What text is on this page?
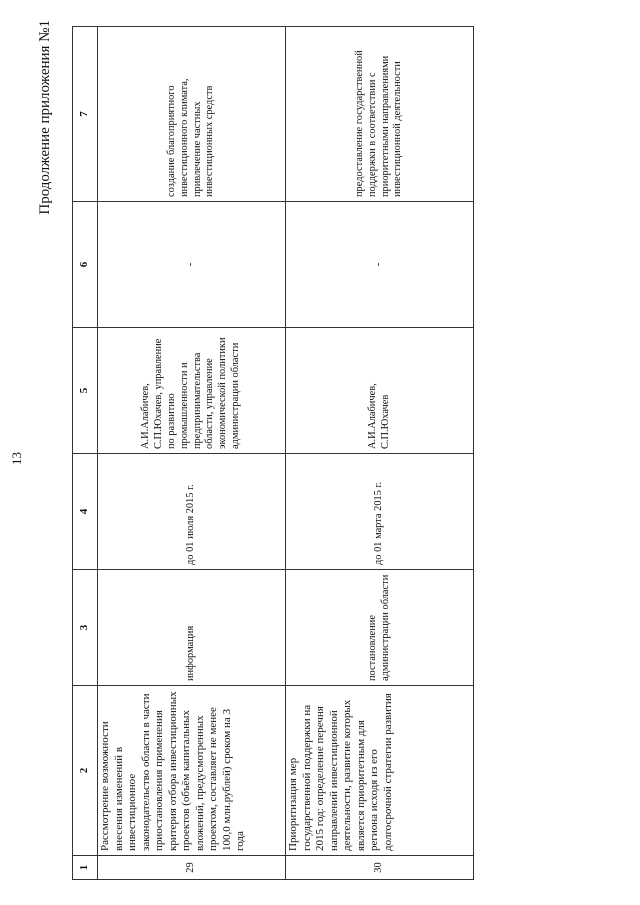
13
Продолжение приложения №1
1	2	3	4	5	6	7
29	Рассмотрение возможности внесения изменений в инвестиционное законодательство области в части приостановления применения критерия отбора инвестиционных проектов (объём капитальных вложений, предусмотренных проектом, составляет не менее 100,0 млн.рублей) сроком на 3 года	информация	до 01 июля 2015 г.	А.И.Алабичев, С.П.Юхачев, управление по развитию промышленности и предпринимательства области, управление экономической политики администрации области	-	создание благоприятного инвестиционного климата, привлечение частных инвестиционных средств
30	Приоритизация мер государственной поддержки на 2015 год: определение перечня направлений инвестиционной деятельности, развитие которых является приоритетным для региона исходя из его долгосрочной стратегии развития	постановление администрации области	до 01 марта 2015 г.	А.И.Алабичев, С.П.Юхачев	-	предоставление государственной поддержки в соответствии с приоритетными направлениями инвестиционной деятельности
